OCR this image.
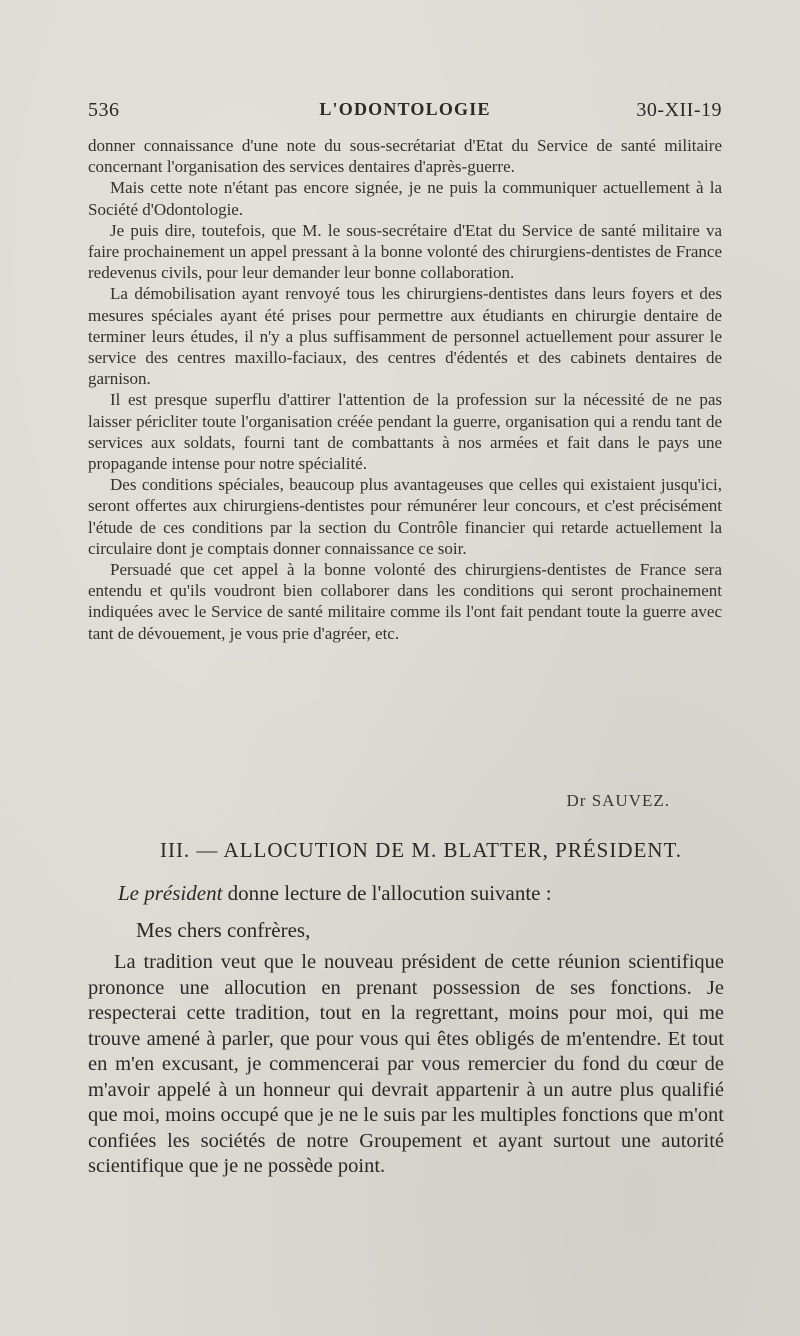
536	L'ODONTOLOGIE	30-XII-19

donner connaissance d'une note du sous-secrétariat d'Etat du Service de santé militaire concernant l'organisation des services dentaires d'après-guerre.

Mais cette note n'étant pas encore signée, je ne puis la communiquer actuellement à la Société d'Odontologie.

Je puis dire, toutefois, que M. le sous-secrétaire d'Etat du Service de santé militaire va faire prochainement un appel pressant à la bonne volonté des chirurgiens-dentistes de France redevenus civils, pour leur demander leur bonne collaboration.

La démobilisation ayant renvoyé tous les chirurgiens-dentistes dans leurs foyers et des mesures spéciales ayant été prises pour permettre aux étudiants en chirurgie dentaire de terminer leurs études, il n'y a plus suffisamment de personnel actuellement pour assurer le service des centres maxillo-faciaux, des centres d'édentés et des cabinets dentaires de garnison.

Il est presque superflu d'attirer l'attention de la profession sur la nécessité de ne pas laisser péricliter toute l'organisation créée pendant la guerre, organisation qui a rendu tant de services aux soldats, fourni tant de combattants à nos armées et fait dans le pays une propagande intense pour notre spécialité.

Des conditions spéciales, beaucoup plus avantageuses que celles qui existaient jusqu'ici, seront offertes aux chirurgiens-dentistes pour rémunérer leur concours, et c'est précisément l'étude de ces conditions par la section du Contrôle financier qui retarde actuellement la circulaire dont je comptais donner connaissance ce soir.

Persuadé que cet appel à la bonne volonté des chirurgiens-dentistes de France sera entendu et qu'ils voudront bien collaborer dans les conditions qui seront prochainement indiquées avec le Service de santé militaire comme ils l'ont fait pendant toute la guerre avec tant de dévouement, je vous prie d'agréer, etc.

Dr SAUVEZ.
III. — ALLOCUTION DE M. BLATTER, PRÉSIDENT.
Le président donne lecture de l'allocution suivante :
Mes chers confrères,

La tradition veut que le nouveau président de cette réunion scientifique prononce une allocution en prenant possession de ses fonctions. Je respecterai cette tradition, tout en la regrettant, moins pour moi, qui me trouve amené à parler, que pour vous qui êtes obligés de m'entendre. Et tout en m'en excusant, je commencerai par vous remercier du fond du cœur de m'avoir appelé à un honneur qui devrait appartenir à un autre plus qualifié que moi, moins occupé que je ne le suis par les multiples fonctions que m'ont confiées les sociétés de notre Groupement et ayant surtout une autorité scientifique que je ne possède point.
